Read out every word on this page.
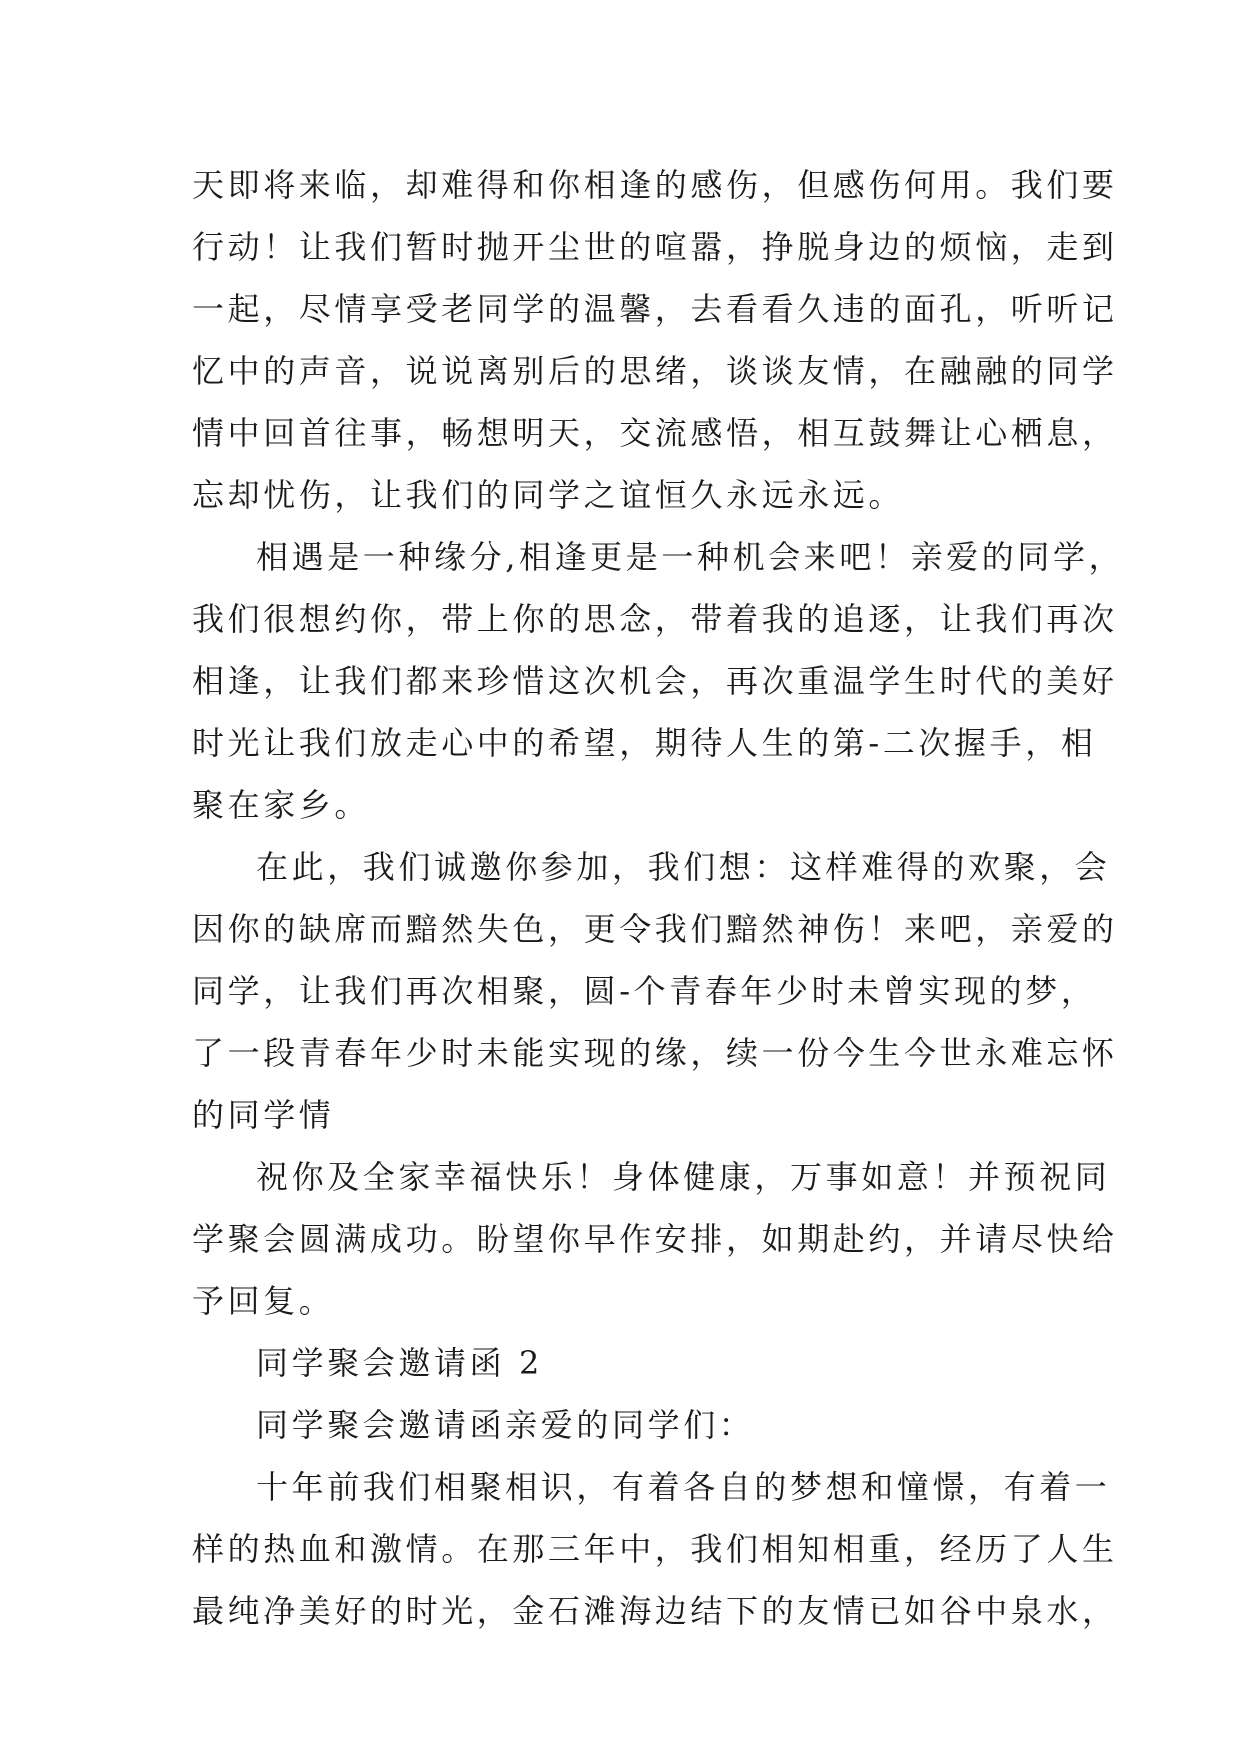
天即将来临，却难得和你相逢的感伤，但感伤何用。我们要
行动！让我们暂时抛开尘世的喧嚣，挣脱身边的烦恼，走到
一起，尽情享受老同学的温馨，去看看久违的面孔，听听记
忆中的声音，说说离别后的思绪，谈谈友情，在融融的同学
情中回首往事，畅想明天，交流感悟，相互鼓舞让心栖息，
忘却忧伤，让我们的同学之谊恒久永远永远。
相遇是一种缘分,相逢更是一种机会来吧！亲爱的同学，
我们很想约你，带上你的思念，带着我的追逐，让我们再次
相逢，让我们都来珍惜这次机会，再次重温学生时代的美好
时光让我们放走心中的希望，期待人生的第-二次握手，相
聚在家乡。
在此，我们诚邀你参加，我们想：这样难得的欢聚，会
因你的缺席而黯然失色，更令我们黯然神伤！来吧，亲爱的
同学，让我们再次相聚，圆-个青春年少时未曾实现的梦，
了一段青春年少时未能实现的缘，续一份今生今世永难忘怀
的同学情
祝你及全家幸福快乐！身体健康，万事如意！并预祝同
学聚会圆满成功。盼望你早作安排，如期赴约，并请尽快给
予回复。
同学聚会邀请函 2
同学聚会邀请函亲爱的同学们：
十年前我们相聚相识，有着各自的梦想和憧憬，有着一
样的热血和激情。在那三年中，我们相知相重，经历了人生
最纯净美好的时光，金石滩海边结下的友情已如谷中泉水，
